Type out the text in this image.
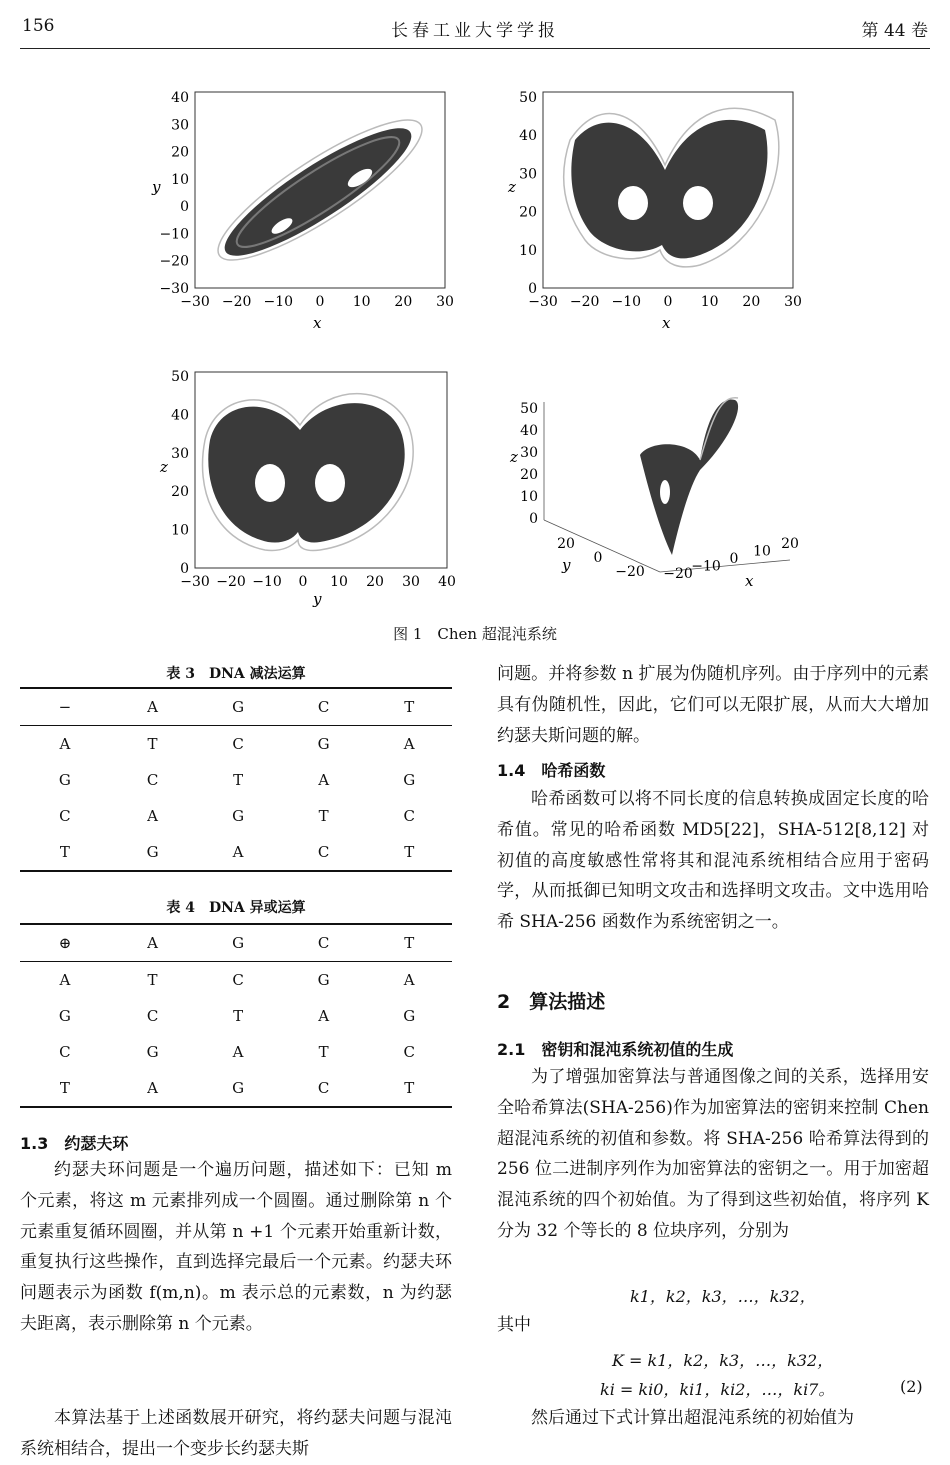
156	长春工业大学学报	第 44 卷
40
30
20
10
0
−10
−20
−30
−30 −20 −10 0 10 20 30
y
x
50
40
30
20
10
0
−30 −20 −10 0 10 20 30
z
x
50
40
30
20
10
0
−30 −20 −10 0 10 20 30 40
z
y
50
40
30
20
10
0
20
0
−20 −20
−10 0 10 20
z
y
x
图 1　Chen 超混沌系统
表 3　DNA 减法运算
−	A	G	C	T
A	T	C	G	A
G	C	T	A	G
C	A	G	T	C
T	G	A	C	T
表 4　DNA 异或运算
⊕	A	G	C	T
A	T	C	G	A
G	C	T	A	G
C	G	A	T	C
T	A	G	C	T
1.3　约瑟夫环
约瑟夫环问题是一个遍历问题，描述如下：已知 m 个元素，将这 m 元素排列成一个圆圈。通过删除第 n 个元素重复循环圆圈，并从第 n +1 个元素开始重新计数，重复执行这些操作，直到选择完最后一个元素。约瑟夫环问题表示为函数 f(m,n)。m 表示总的元素数，n 为约瑟夫距离，表示删除第 n 个元素。
本算法基于上述函数展开研究，将约瑟夫问题与混沌系统相结合，提出一个变步长约瑟夫斯
问题。并将参数 n 扩展为伪随机序列。由于序列中的元素具有伪随机性，因此，它们可以无限扩展，从而大大增加约瑟夫斯问题的解。
1.4　哈希函数
哈希函数可以将不同长度的信息转换成固定长度的哈希值。常见的哈希函数 MD5[22]，SHA-512[8,12] 对初值的高度敏感性常将其和混沌系统相结合应用于密码学，从而抵御已知明文攻击和选择明文攻击。文中选用哈希 SHA-256 函数作为系统密钥之一。
2　算法描述
2.1　密钥和混沌系统初值的生成
为了增强加密算法与普通图像之间的关系，选择用安全哈希算法(SHA-256)作为加密算法的密钥来控制 Chen 超混沌系统的初值和参数。将 SHA-256 哈希算法得到的 256 位二进制序列作为加密算法的密钥之一。用于加密超混沌系统的四个初始值。为了得到这些初始值，将序列 K 分为 32 个等长的 8 位块序列，分别为
k1，k2，k3，…，k32，
其中
K = k1，k2，k3，…，k32，
ki = ki0，ki1，ki2，…，ki7。	(2)
然后通过下式计算出超混沌系统的初始值为
